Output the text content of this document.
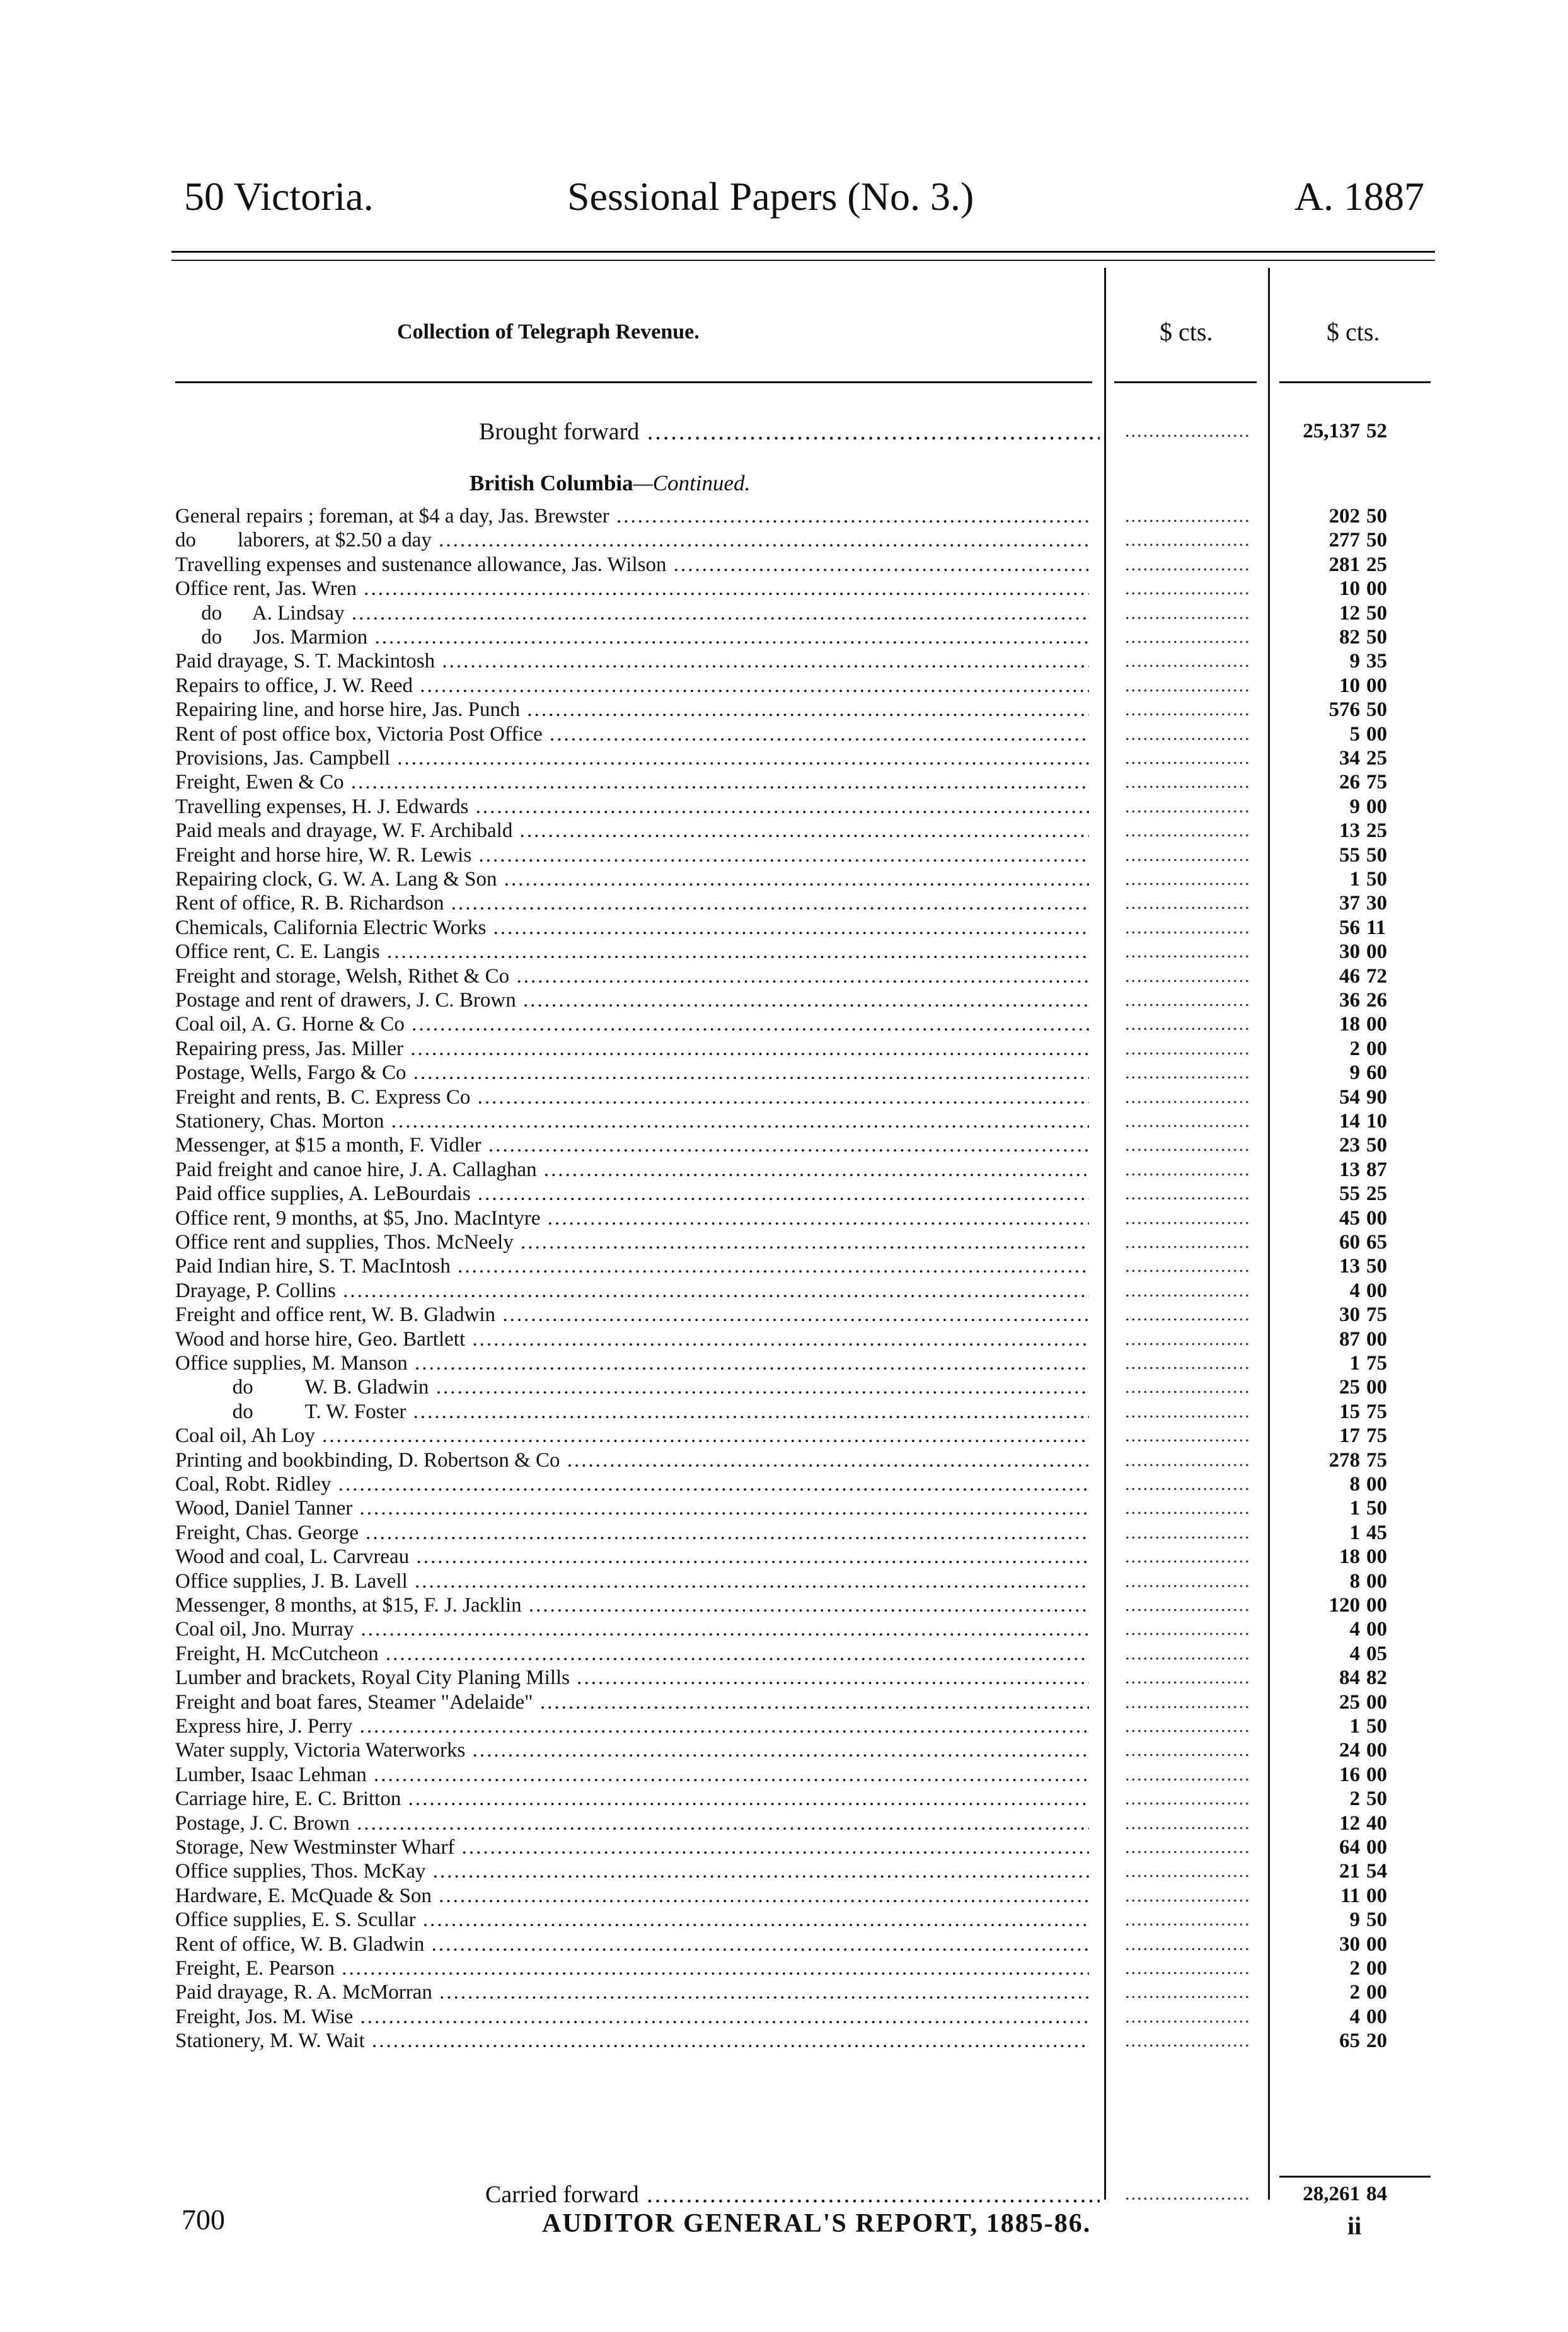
50 Victoria.	Sessional Papers (No. 3.)	A. 1887
Collection of Telegraph Revenue.	$ cts.	$ cts.
Brought forward ..... .....	25,137 52
British Columbia—Continued.
General repairs ; foreman, at $4 a day, Jas. Brewster ..... .....	202 50
do        laborers, at $2.50 a day ..... .....	277 50
Travelling expenses and sustenance allowance, Jas. Wilson ..... .....	281 25
Office rent, Jas. Wren ..... .....	10 00
do      A. Lindsay ..... .....	12 50
do      Jos. Marmion ..... .....	82 50
Paid drayage, S. T. Mackintosh ..... .....	9 35
Repairs to office, J. W. Reed ..... .....	10 00
Repairing line, and horse hire, Jas. Punch ..... .....	576 50
Rent of post office box, Victoria Post Office ..... .....	5 00
Provisions, Jas. Campbell ..... .....	34 25
Freight, Ewen & Co ..... .....	26 75
Travelling expenses, H. J. Edwards ..... .....	9 00
Paid meals and drayage, W. F. Archibald ..... .....	13 25
Freight and horse hire, W. R. Lewis ..... .....	55 50
Repairing clock, G. W. A. Lang & Son ..... .....	1 50
Rent of office, R. B. Richardson ..... .....	37 30
Chemicals, California Electric Works ..... .....	56 11
Office rent, C. E. Langis ..... .....	30 00
Freight and storage, Welsh, Rithet & Co ..... .....	46 72
Postage and rent of drawers, J. C. Brown ..... .....	36 26
Coal oil, A. G. Horne & Co ..... .....	18 00
Repairing press, Jas. Miller ..... .....	2 00
Postage, Wells, Fargo & Co ..... .....	9 60
Freight and rents, B. C. Express Co ..... .....	54 90
Stationery, Chas. Morton ..... .....	14 10
Messenger, at $15 a month, F. Vidler ..... .....	23 50
Paid freight and canoe hire, J. A. Callaghan ..... .....	13 87
Paid office supplies, A. LeBourdais ..... .....	55 25
Office rent, 9 months, at $5, Jno. MacIntyre ..... .....	45 00
Office rent and supplies, Thos. McNeely ..... .....	60 65
Paid Indian hire, S. T. MacIntosh ..... .....	13 50
Drayage, P. Collins ..... .....	4 00
Freight and office rent, W. B. Gladwin ..... .....	30 75
Wood and horse hire, Geo. Bartlett ..... .....	87 00
Office supplies, M. Manson ..... .....	1 75
do          W. B. Gladwin ..... .....	25 00
do          T. W. Foster ..... .....	15 75
Coal oil, Ah Loy ..... .....	17 75
Printing and bookbinding, D. Robertson & Co ..... .....	278 75
Coal, Robt. Ridley ..... .....	8 00
Wood, Daniel Tanner ..... .....	1 50
Freight, Chas. George ..... .....	1 45
Wood and coal, L. Carvreau ..... .....	18 00
Office supplies, J. B. Lavell ..... .....	8 00
Messenger, 8 months, at $15, F. J. Jacklin ..... .....	120 00
Coal oil, Jno. Murray ..... .....	4 00
Freight, H. McCutcheon ..... .....	4 05
Lumber and brackets, Royal City Planing Mills ..... .....	84 82
Freight and boat fares, Steamer "Adelaide" ..... .....	25 00
Express hire, J. Perry ..... .....	1 50
Water supply, Victoria Waterworks ..... .....	24 00
Lumber, Isaac Lehman ..... .....	16 00
Carriage hire, E. C. Britton ..... .....	2 50
Postage, J. C. Brown ..... .....	12 40
Storage, New Westminster Wharf ..... .....	64 00
Office supplies, Thos. McKay ..... .....	21 54
Hardware, E. McQuade & Son ..... .....	11 00
Office supplies, E. S. Scullar ..... .....	9 50
Rent of office, W. B. Gladwin ..... .....	30 00
Freight, E. Pearson ..... .....	2 00
Paid drayage, R. A. McMorran ..... .....	2 00
Freight, Jos. M. Wise ..... .....	4 00
Stationery, M. W. Wait ..... .....	65 20
Carried forward ..... .....	28,261 84
700	AUDITOR GENERAL'S REPORT, 1885-86.	ii
